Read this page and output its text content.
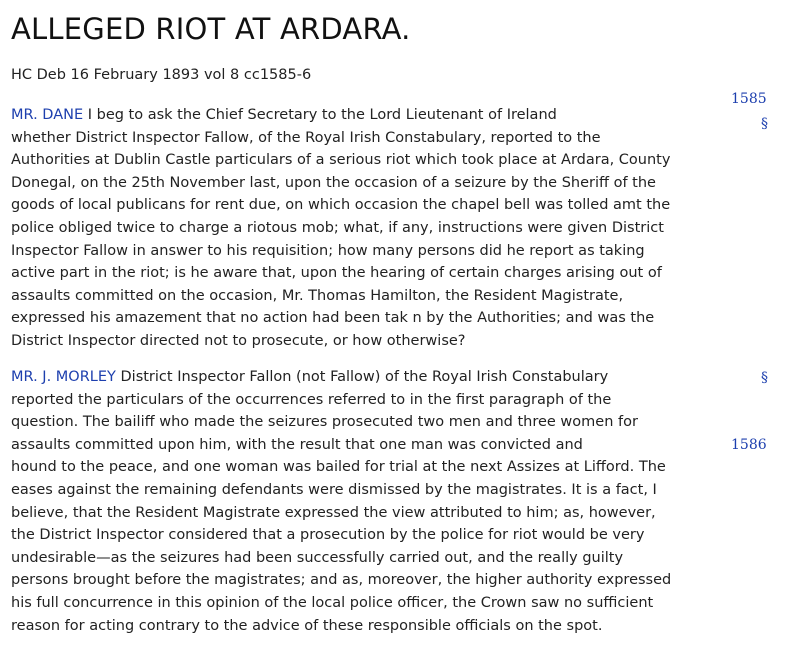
ALLEGED RIOT AT ARDARA.
HC Deb 16 February 1893 vol 8 cc1585-6
MR. DANE I beg to ask the Chief Secretary to the Lord Lieutenant of Ireland
whether District Inspector Fallow, of the Royal Irish Constabulary, reported to the
Authorities at Dublin Castle particulars of a serious riot which took place at Ardara, County
Donegal, on the 25th November last, upon the occasion of a seizure by the Sheriff of the
goods of local publicans for rent due, on which occasion the chapel bell was tolled amt the
police obliged twice to charge a riotous mob; what, if any, instructions were given District
Inspector Fallow in answer to his requisition; how many persons did he report as taking
active part in the riot; is he aware that, upon the hearing of certain charges arising out of
assaults committed on the occasion, Mr. Thomas Hamilton, the Resident Magistrate,
expressed his amazement that no action had been tak n by the Authorities; and was the
District Inspector directed not to prosecute, or how otherwise?
MR. J. MORLEY District Inspector Fallon (not Fallow) of the Royal Irish Constabulary
reported the particulars of the occurrences referred to in the first paragraph of the
question. The bailiff who made the seizures prosecuted two men and three women for
assaults committed upon him, with the result that one man was convicted and
hound to the peace, and one woman was bailed for trial at the next Assizes at Lifford. The
eases against the remaining defendants were dismissed by the magistrates. It is a fact, I
believe, that the Resident Magistrate expressed the view attributed to him; as, however,
the District Inspector considered that a prosecution by the police for riot would be very
undesirable—as the seizures had been successfully carried out, and the really guilty
persons brought before the magistrates; and as, moreover, the higher authority expressed
his full concurrence in this opinion of the local police officer, the Crown saw no sufficient
reason for acting contrary to the advice of these responsible officials on the spot.
1585
§
§
1586
